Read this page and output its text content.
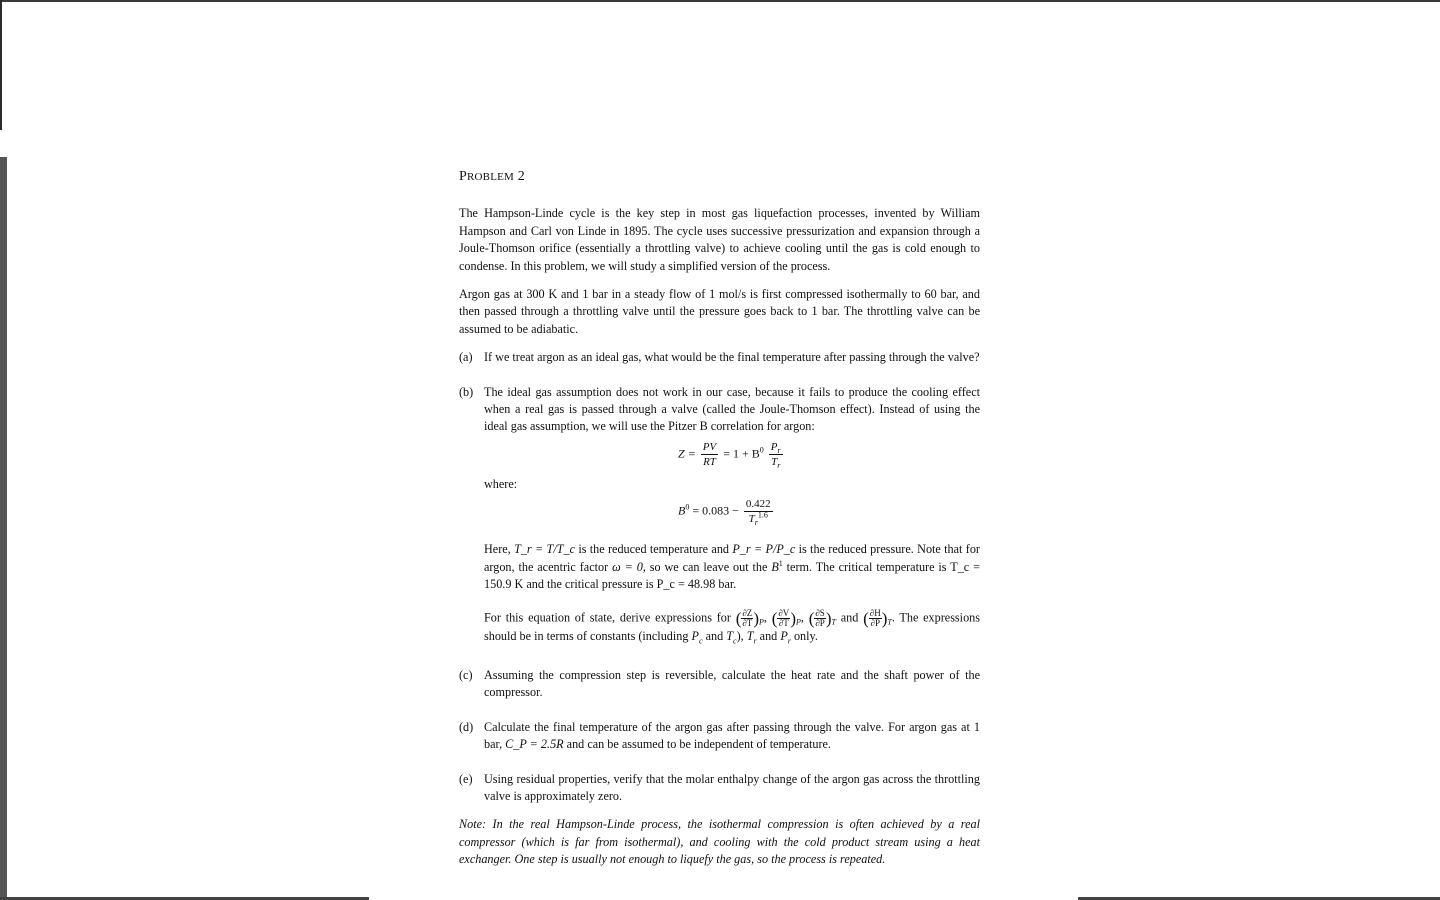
PROBLEM 2

The Hampson-Linde cycle is the key step in most gas liquefaction processes, invented by William Hampson and Carl von Linde in 1895. The cycle uses successive pressurization and expansion through a Joule-Thomson orifice (essentially a throttling valve) to achieve cooling until the gas is cold enough to condense. In this problem, we will study a simplified version of the process.

Argon gas at 300 K and 1 bar in a steady flow of 1 mol/s is first compressed isothermally to 60 bar, and then passed through a throttling valve until the pressure goes back to 1 bar. The throttling valve can be assumed to be adiabatic.

(a) If we treat argon as an ideal gas, what would be the final temperature after passing through the valve?
(b) The ideal gas assumption does not work in our case, because it fails to produce the cooling effect when a real gas is passed through a valve (called the Joule-Thomson effect). Instead of using the ideal gas assumption, we will use the Pitzer B correlation for argon:

$Z = \frac{PV}{RT} = 1 + B^0 \frac{P_r}{T_r}$

where:

$B^0 = 0.083 - \frac{0.422}{T_r^{1.6}}$

Here, T_r = T/T_c is the reduced temperature and P_r = P/P_c is the reduced pressure. Note that for argon, the acentric factor ω = 0, so we can leave out the $B^1$ term. The critical temperature is T_c = 150.9 K and the critical pressure is P_c = 48.98 bar.

For this equation of state, derive expressions for ( $\frac{\partial Z}{\partial T} )_P$, ( $\frac{\partial V}{\partial T} )_P$, ( $\frac{\partial S}{\partial P} )_T$ and ( $\frac{\partial H}{\partial P} )_T$. The expressions should be in terms of constants (including $P_c$ and $T_c$), $T_r$ and $P_r$ only.

(c) Assuming the compression step is reversible, calculate the heat rate and the shaft power of the compressor.
(d) Calculate the final temperature of the argon gas after passing through the valve. For argon gas at 1 bar, C_P = 2.5R and can be assumed to be independent of temperature.
(e) Using residual properties, verify that the molar enthalpy change of the argon gas across the throttling valve is approximately zero.

Note: In the real Hampson-Linde process, the isothermal compression is often achieved by a real compressor (which is far from isothermal), and cooling with the cold product stream using a heat exchanger. One step is usually not enough to liquefy the gas, so the process is repeated.
